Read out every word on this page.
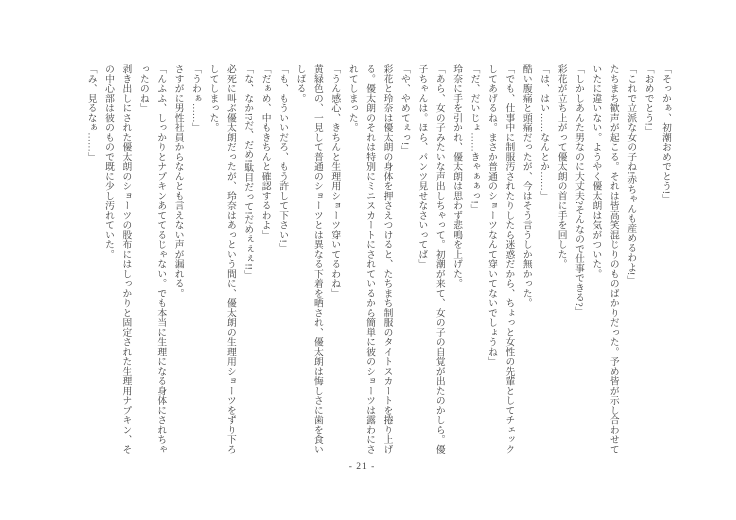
「そっかぁ、初潮おめでとう!」
「おめでとう!」
「これで立派な女の子ね!赤ちゃんも産めるわよ!」
たちまち歓声が起こる。それは皆高笑混じりのものばかりだった。予め皆が示し合わせて
いたに違いない。ようやく優太朗は気がついた。
「しかしあんた男なのに大丈夫?そんなので仕事できる?」
彩花が立ち上がって優太朗の首に手を回した。
「は、はい……なんとか……」
酷い腹痛と頭痛だったが、今はそう言うしか無かった。
「でも、仕事中に制服汚されたりしたら迷惑だから、ちょっと女性の先輩としてチェック
してあげるね。まさか普通のショーツなんて穿いてないでしょうね」
「だ、だいじょ……きゃぁぁっ!」
玲奈に手を引かれ、優太朗は思わず悲鳴を上げた。
「あら、女の子みたいな声出しちゃって。初潮が来て、女の子の自覚が出たのかしら。優
子ちゃんは。ほら、パンツ見せなさいってば」
「や、やめてぇっ!」
彩花と玲奈は優太朗の身体を押さえつけると、たちまち制服のタイトスカートを捲り上げ
る。優太朗のそれは特別にミニスカートにされているから簡単に彼のショーツは露わにさ
れてしまった。
「うん感心、きちんと生理用ショーツ穿いてるわね」
黄緑色の、一見して普通のショーツとは異なる下着を晒され、優太朗は悔しさに歯を食い
しばる。
「も、もういいだろ、もう許して下さい!」
「だぁめ、中もきちんと確認するわよ」
「な、なか!?だ、だめ!駄目だって!だめぇぇぇ!!」
必死に叫ぶ優太朗だったが、玲奈はあっという間に、優太朗の生理用ショーツをずり下ろ
してしまった。
「うわぁ……」
さすがに男性社員からなんとも言えない声が漏れる。
「んふふ、しっかりとナプキンあててるじゃない。でも本当に生理になる身体にされちゃ
ったのね」
剥き出しにされた優太朗のショーツの股布にはしっかりと固定された生理用ナプキン、そ
の中心部は彼のもので既に少し汚れていた。
「み、見るなぁ……」
- 21 -
